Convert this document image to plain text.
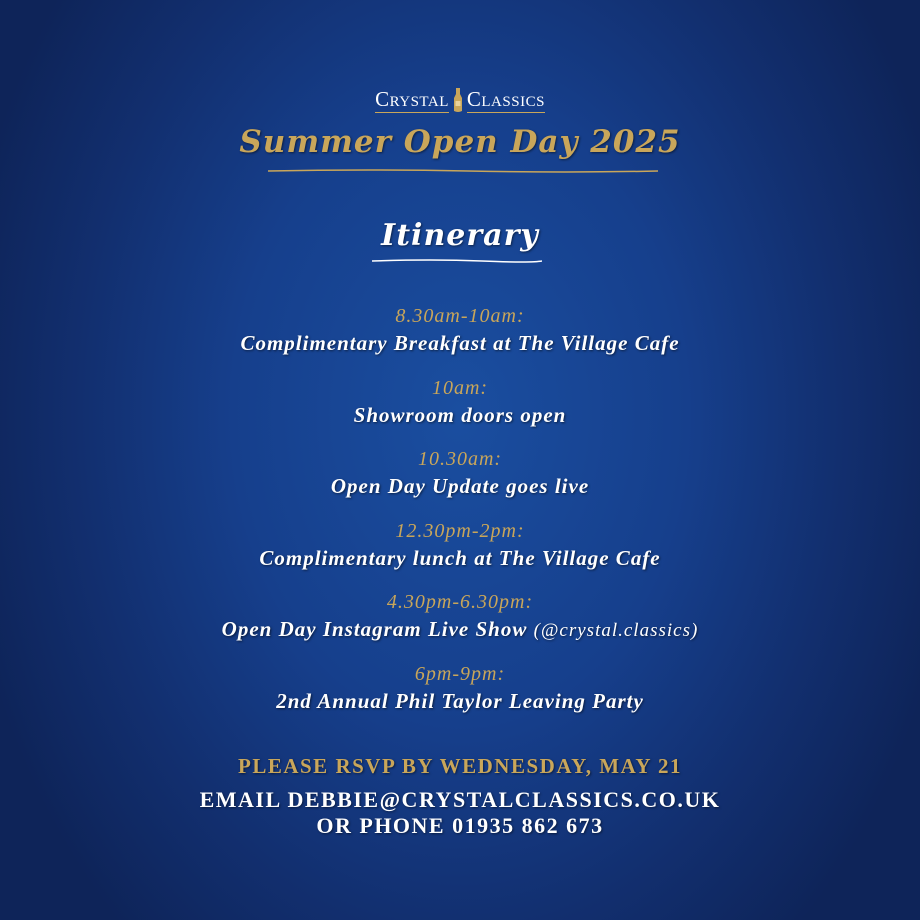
Crystal Classics
Summer Open Day 2025
Itinerary
8.30am-10am:
Complimentary Breakfast at The Village Cafe
10am:
Showroom doors open
10.30am:
Open Day Update goes live
12.30pm-2pm:
Complimentary lunch at The Village Cafe
4.30pm-6.30pm:
Open Day Instagram Live Show (@crystal.classics)
6pm-9pm:
2nd Annual Phil Taylor Leaving Party
PLEASE RSVP BY WEDNESDAY, MAY 21
EMAIL DEBBIE@CRYSTALCLASSICS.CO.UK
OR PHONE 01935 862 673
